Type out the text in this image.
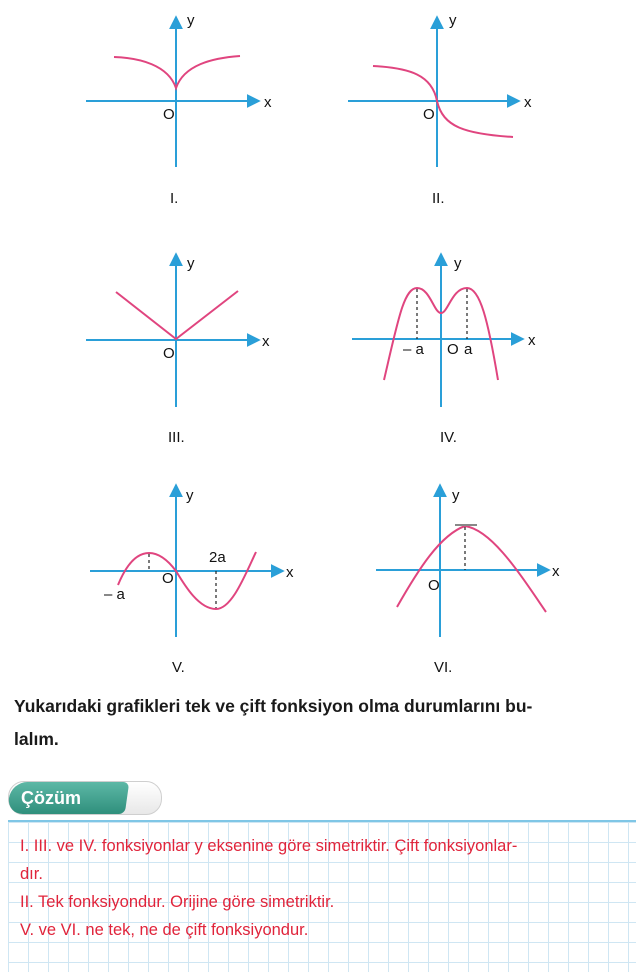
x
y
O
I.
x
y
O
II.
x
y
O
III.
x
y
O
– a	a
IV.
x
y
O
– a
2a
V.
x
y
O
VI.
Yukarıdaki grafikleri tek ve çift fonksiyon olma durumlarını bu-
lalım.
Çözüm
I. III. ve IV. fonksiyonlar y eksenine göre simetriktir. Çift fonksiyonlar-
dır.
II. Tek fonksiyondur. Orijine göre simetriktir.
V. ve VI. ne tek, ne de çift fonksiyondur.
